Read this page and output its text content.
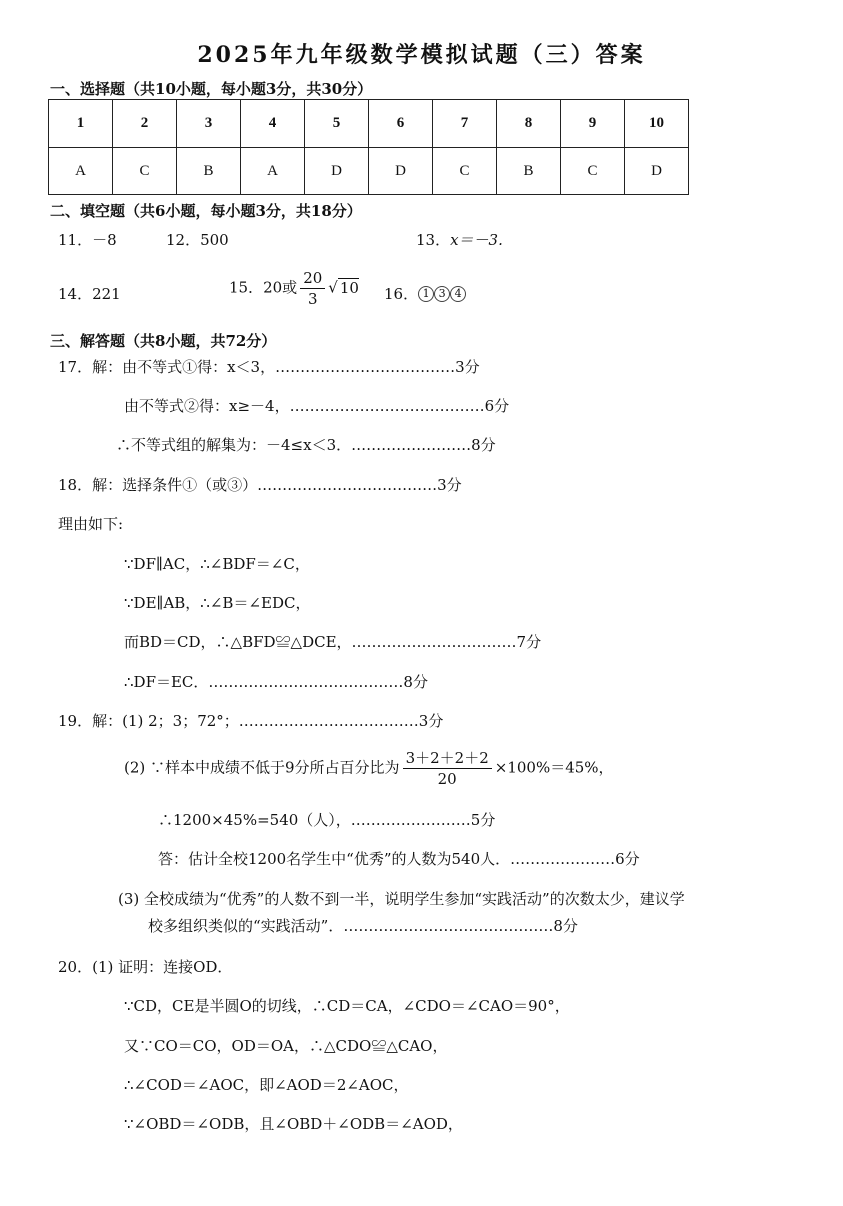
2025年九年级数学模拟试题（三）答案
一、选择题（共10小题，每小题3分，共30分）
1	2	3	4	5	6	7	8	9	10
A	C	B	A	D	D	C	B	C	D
二、填空题（共6小题，每小题3分，共18分）
11．－8	12．500	13．x＝－3.
14．221	15．20或 $\frac{20}{3}$ √ 10 16． 1 3 4
三、解答题（共8小题，共72分）
17．解：由不等式①得：x＜3，………………………………3分
由不等式②得：x≥－4，…………………………………6分
∴不等式组的解集为：－4≤x＜3．……………………8分
18．解：选择条件①（或③）………………………………3分
理由如下:
∵DF∥AC，∴∠BDF＝∠C，
∵DE∥AB，∴∠B＝∠EDC，
而BD＝CD，∴△BFD≌△DCE，……………………………7分
∴DF＝EC．…………………………………8分
19．解：(1) 2；3；72°；………………………………3分
(2) ∵样本中成绩不低于9分所占百分比为 $\frac{3+2+2+2}{20} \times 100\%=45\%$，
∴1200×45%=540（人），……………………5分
答：估计全校1200名学生中“优秀”的人数为540人．…………………6分
(3) 全校成绩为“优秀”的人数不到一半，说明学生参加“实践活动”的次数太少，建议学
校多组织类似的“实践活动”．……………………………………8分
20．(1) 证明：连接OD．
∵CD，CE是半圆O的切线，∴CD＝CA，∠CDO＝∠CAO＝90°，
又∵CO＝CO，OD＝OA，∴△CDO≌△CAO，
∴∠COD＝∠AOC，即∠AOD＝2∠AOC，
∵∠OBD＝∠ODB，且∠OBD＋∠ODB＝∠AOD，
